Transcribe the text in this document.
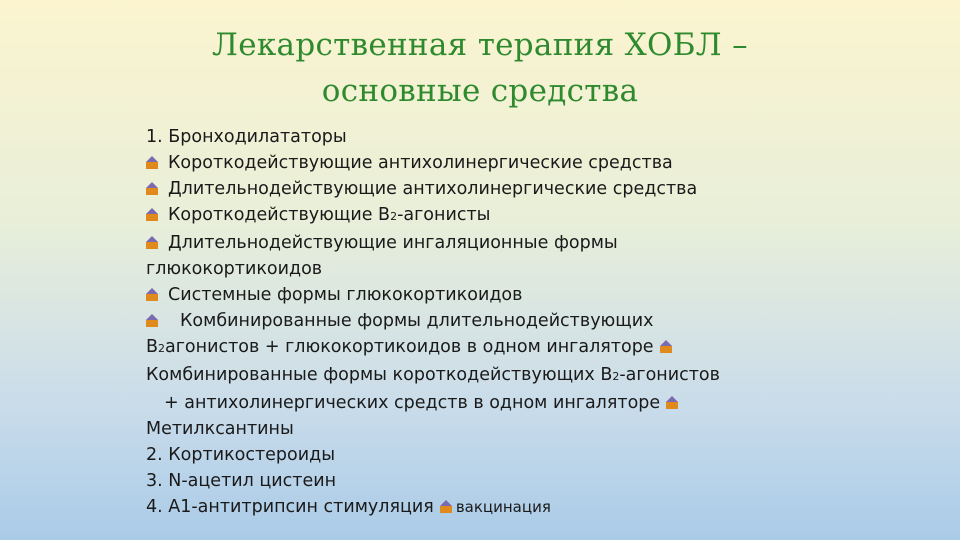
Лекарственная терапия ХОБЛ –
основные средства
1. Бронходилататоры
Короткодействующие антихолинергические средства
Длительнодействующие антихолинергические средства
Короткодействующие В2-агонисты
Длительнодействующие ингаляционные формы
глюкокортикоидов
Системные формы глюкокортикоидов
Комбинированные формы длительнодействующих
В2агонистов + глюкокортикоидов в одном ингаляторе
Комбинированные формы короткодействующих В2-агонистов
+ антихолинергических средств в одном ингаляторе
Метилксантины
2. Кортикостероиды
3. N-ацетил цистеин
4. А1-антитрипсин стимуляция вакцинация
